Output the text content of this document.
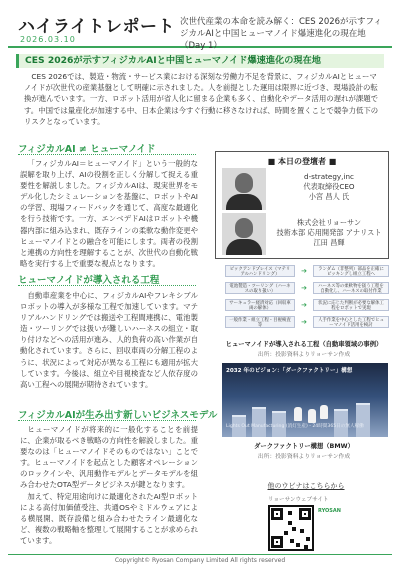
ハイライトレポート
2026.03.10
次世代産業の本命を読み解く：CES 2026が示すフィジカルAIと中国ヒューマノイド爆速進化の現在地（Day 1）
CES 2026が示すフィジカルAIと中国ヒューマノイド爆速進化の現在地
CES 2026では、製造・物流・サービス業における深刻な労働力不足を背景に、フィジカルAIとヒューマノイドが次世代の産業基盤として明確に示されました。人を前提とした運用は限界に近づき、現場設計の転換が進んでいます。一方、ロボット活用が省人化に留まる企業も多く、自動化やデータ活用の遅れが課題です。中国では量産化が加速する中、日本企業は今すぐ行動に移さなければ、時間を置くことで競争力低下のリスクとなっています。
フィジカルAI ≠ ヒューマノイド
「フィジカルAI＝ヒューマノイド」という一般的な誤解を取り上げ、AIの役割を正しく分解して捉える重要性を解説しました。フィジカルAIは、現実世界をモデル化したシミュレーションを基盤に、ロボットやAIの学習、現場フィードバックを通じて、高度な最適化を行う技術です。一方、エンベデドAIはロボットや機器内部に組み込まれ、既存ラインの柔軟な動作変更やヒューマノイドとの融合を可能にします。両者の役割と連携の方向性を理解することが、次世代の自動化戦略を実行する上で重要な視点となります。
ヒューマノイドが導入される工程
自動車産業を中心に、フィジカルAIやフレキシブルロボットの導入が多様な工程で加速しています。マテリアルハンドリングでは搬送や工程間連携に、電池製造・ツーリングでは扱いが難しいハーネスの組立・取り付けなどへの活用が進み、人的負荷の高い作業が自動化されています。さらに、回収車両の分解工程のように、状況によって対応が異なる工程にも適用が拡大しています。今後は、組立や目視検査など人依存度の高い工程への展開が期待されています。
フィジカルAIが生み出す新しいビジネスモデル
ヒューマノイドが将来的に一般化することを前提に、企業が取るべき戦略の方向性を解説しました。重要なのは「ヒューマノイドそのものではない」ことです。ヒューマノイドを起点とした顧客オペレーションのロックインや、汎用動作モデルとデータモデルを組み合わせたOTA型データビジネスが鍵となります。
加えて、特定用途向けに最適化されたAI型ロボットによる高付加価値受注、共通OSやミドルウェアによる横展開、既存設備と組み合わせたライン最適化など、複数の戦略軸を整理して展開することが求められています。
■ 本日の登壇者 ■
d-strategy,inc
代表取締役CEO
小宮 昌人 氏
株式会社リョーサン
技術本部 応用開発部 アナリスト
江田 昌輝
ピックアンドプレイス（マテリアルハンドリング）	➔	ランダム（非整列）部品を正確にピッキングし組立工程へ
電池製造・ツーリング（ハーネスの取り扱い）	➔	ハーネス等の柔軟物を扱う工程を自動化し、ハーネスの取付作業
サーキュラー経済対応（回収車両の解体）	➔	状況に応じた判断が必要な解体工程をロボットで実現
一般作業・組立工程・目視検査等	➔	人手作業を中心とした工程でヒューマノイド活用を検討
ヒューマノイドが導入される工程（自動車領域の事例）
出所：投影資料よりリョーサン作成
2032 年のビジョン：「ダークファクトリー」構想
Lights Out Manufacturing (消灯生産)・24時間365日の無人稼働
ダークファクトリー構想（BMW）
出所：投影資料よりリョーサン作成
他のウビナはこちらから
リョーサンウェブサイト
RYOSAN
Copyright© Ryosan Company Limited All rights reserved
